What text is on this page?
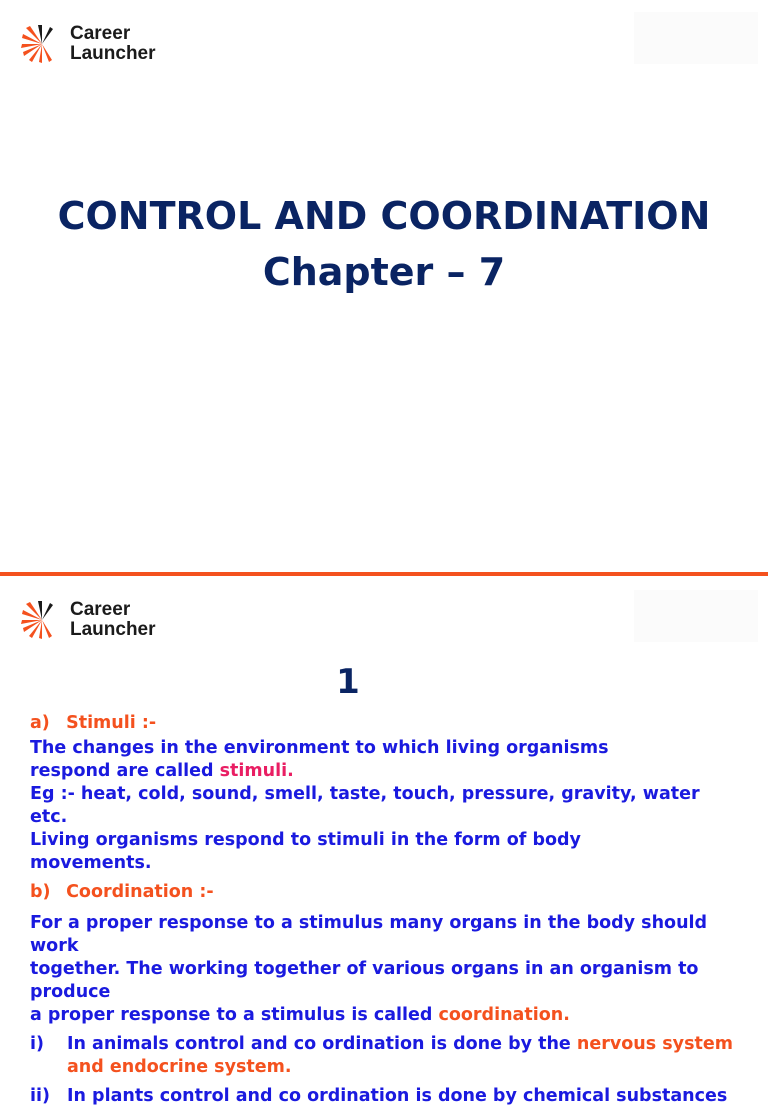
Career
Launcher
CONTROL AND COORDINATION
Chapter – 7
Career
Launcher
1
a) Stimuli :-

The changes in the environment to which living organisms

respond are called stimuli.

Eg :- heat, cold, sound, smell, taste, touch, pressure, gravity, water etc.

Living organisms respond to stimuli in the form of body

movements.

b) Coordination :-

For a proper response to a stimulus many organs in the body should work

together. The working together of various organs in an organism to produce

a proper response to a stimulus is called coordination.

i)	In animals control and co ordination is done by the nervous system and endocrine system.
ii) In plants control and co ordination is done by chemical substances
